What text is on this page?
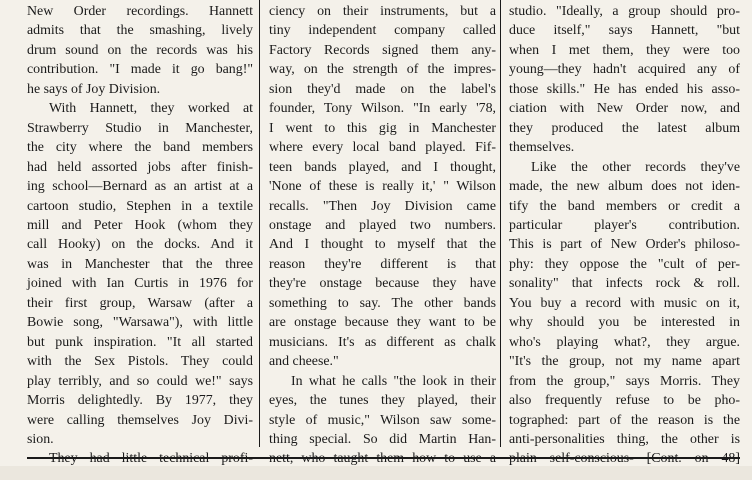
New Order recordings. Hannett
admits that the smashing, lively
drum sound on the records was his
contribution. "I made it go bang!"
he says of Joy Division.
With Hannett, they worked at
Strawberry Studio in Manchester,
the city where the band members
had held assorted jobs after finish-
ing school—Bernard as an artist at a
cartoon studio, Stephen in a textile
mill and Peter Hook (whom they
call Hooky) on the docks. And it
was in Manchester that the three
joined with Ian Curtis in 1976 for
their first group, Warsaw (after a
Bowie song, "Warsawa"), with little
but punk inspiration. "It all started
with the Sex Pistols. They could
play terribly, and so could we!" says
Morris delightedly. By 1977, they
were calling themselves Joy Divi-
sion.
ciency on their instruments, but a
tiny independent company called
Factory Records signed them any-
way, on the strength of the impres-
sion they'd made on the label's
founder, Tony Wilson. "In early '78,
I went to this gig in Manchester
where every local band played. Fif-
teen bands played, and I thought,
'None of these is really it,' " Wilson
recalls. "Then Joy Division came
onstage and played two numbers.
And I thought to myself that the
reason they're different is that
they're onstage because they have
something to say. The other bands
are onstage because they want to be
musicians. It's as different as chalk
and cheese."
In what he calls "the look in their
eyes, the tunes they played, their
style of music," Wilson saw some-
thing special. So did Martin Han-
studio. "Ideally, a group should pro-
duce itself," says Hannett, "but
when I met them, they were too
young—they hadn't acquired any of
those skills." He has ended his asso-
ciation with New Order now, and
they produced the latest album
themselves.
Like the other records they've
made, the new album does not iden-
tify the band members or credit a
particular player's contribution.
This is part of New Order's philoso-
phy: they oppose the "cult of per-
sonality" that infects rock & roll.
You buy a record with music on it,
why should you be interested in
who's playing what?, they argue.
"It's the group, not my name apart
from the group," says Morris. They
also frequently refuse to be pho-
tographed: part of the reason is the
anti-personalities thing, the other is
